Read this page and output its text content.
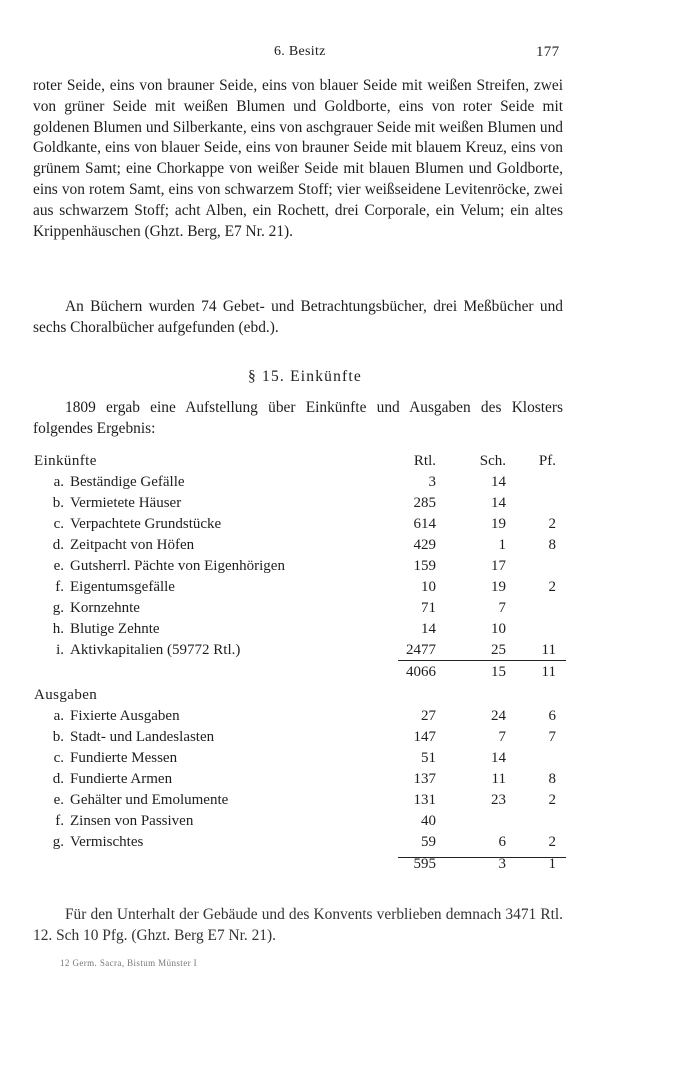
6. Besitz	177

roter Seide, eins von brauner Seide, eins von blauer Seide mit weißen Streifen, zwei von grüner Seide mit weißen Blumen und Goldborte, eins von roter Seide mit goldenen Blumen und Silberkante, eins von aschgrauer Seide mit weißen Blumen und Goldkante, eins von blauer Seide, eins von brauner Seide mit blauem Kreuz, eins von grünem Samt; eine Chorkappe von weißer Seide mit blauen Blumen und Goldborte, eins von rotem Samt, eins von schwarzem Stoff; vier weißseidene Levitenröcke, zwei aus schwarzem Stoff; acht Alben, ein Rochett, drei Corporale, ein Velum; ein altes Krippenhäuschen (Ghzt. Berg, E7 Nr. 21).

An Büchern wurden 74 Gebet- und Betrachtungsbücher, drei Meßbücher und sechs Choralbücher aufgefunden (ebd.).

§ 15. Einkünfte

1809 ergab eine Aufstellung über Einkünfte und Ausgaben des Klosters folgendes Ergebnis:

Einkünfte		Rtl.	Sch.	Pf.
a.	Beständige Gefälle	3	14	
b.	Vermietete Häuser	285	14	
c.	Verpachtete Grundstücke	614	19	2
d.	Zeitpacht von Höfen	429	1	8
e.	Gutsherrl. Pächte von Eigenhörigen	159	17	
f.	Eigentumsgefälle	10	19	2
g.	Kornzehnte	71	7	
h.	Blutige Zehnte	14	10	
i.	Aktivkapitalien (59772 Rtl.)	2477	25	11
		4066	15	11
Ausgaben				
a.	Fixierte Ausgaben	27	24	6
b.	Stadt- und Landeslasten	147	7	7
c.	Fundierte Messen	51	14	
d.	Fundierte Armen	137	11	8
e.	Gehälter und Emolumente	131	23	2
f.	Zinsen von Passiven	40		
g.	Vermischtes	59	6	2
		595	3	1

Für den Unterhalt der Gebäude und des Konvents verblieben demnach 3471 Rtl. 12. Sch 10 Pfg. (Ghzt. Berg E7 Nr. 21).

12 Germ. Sacra, Bistum Münster I
